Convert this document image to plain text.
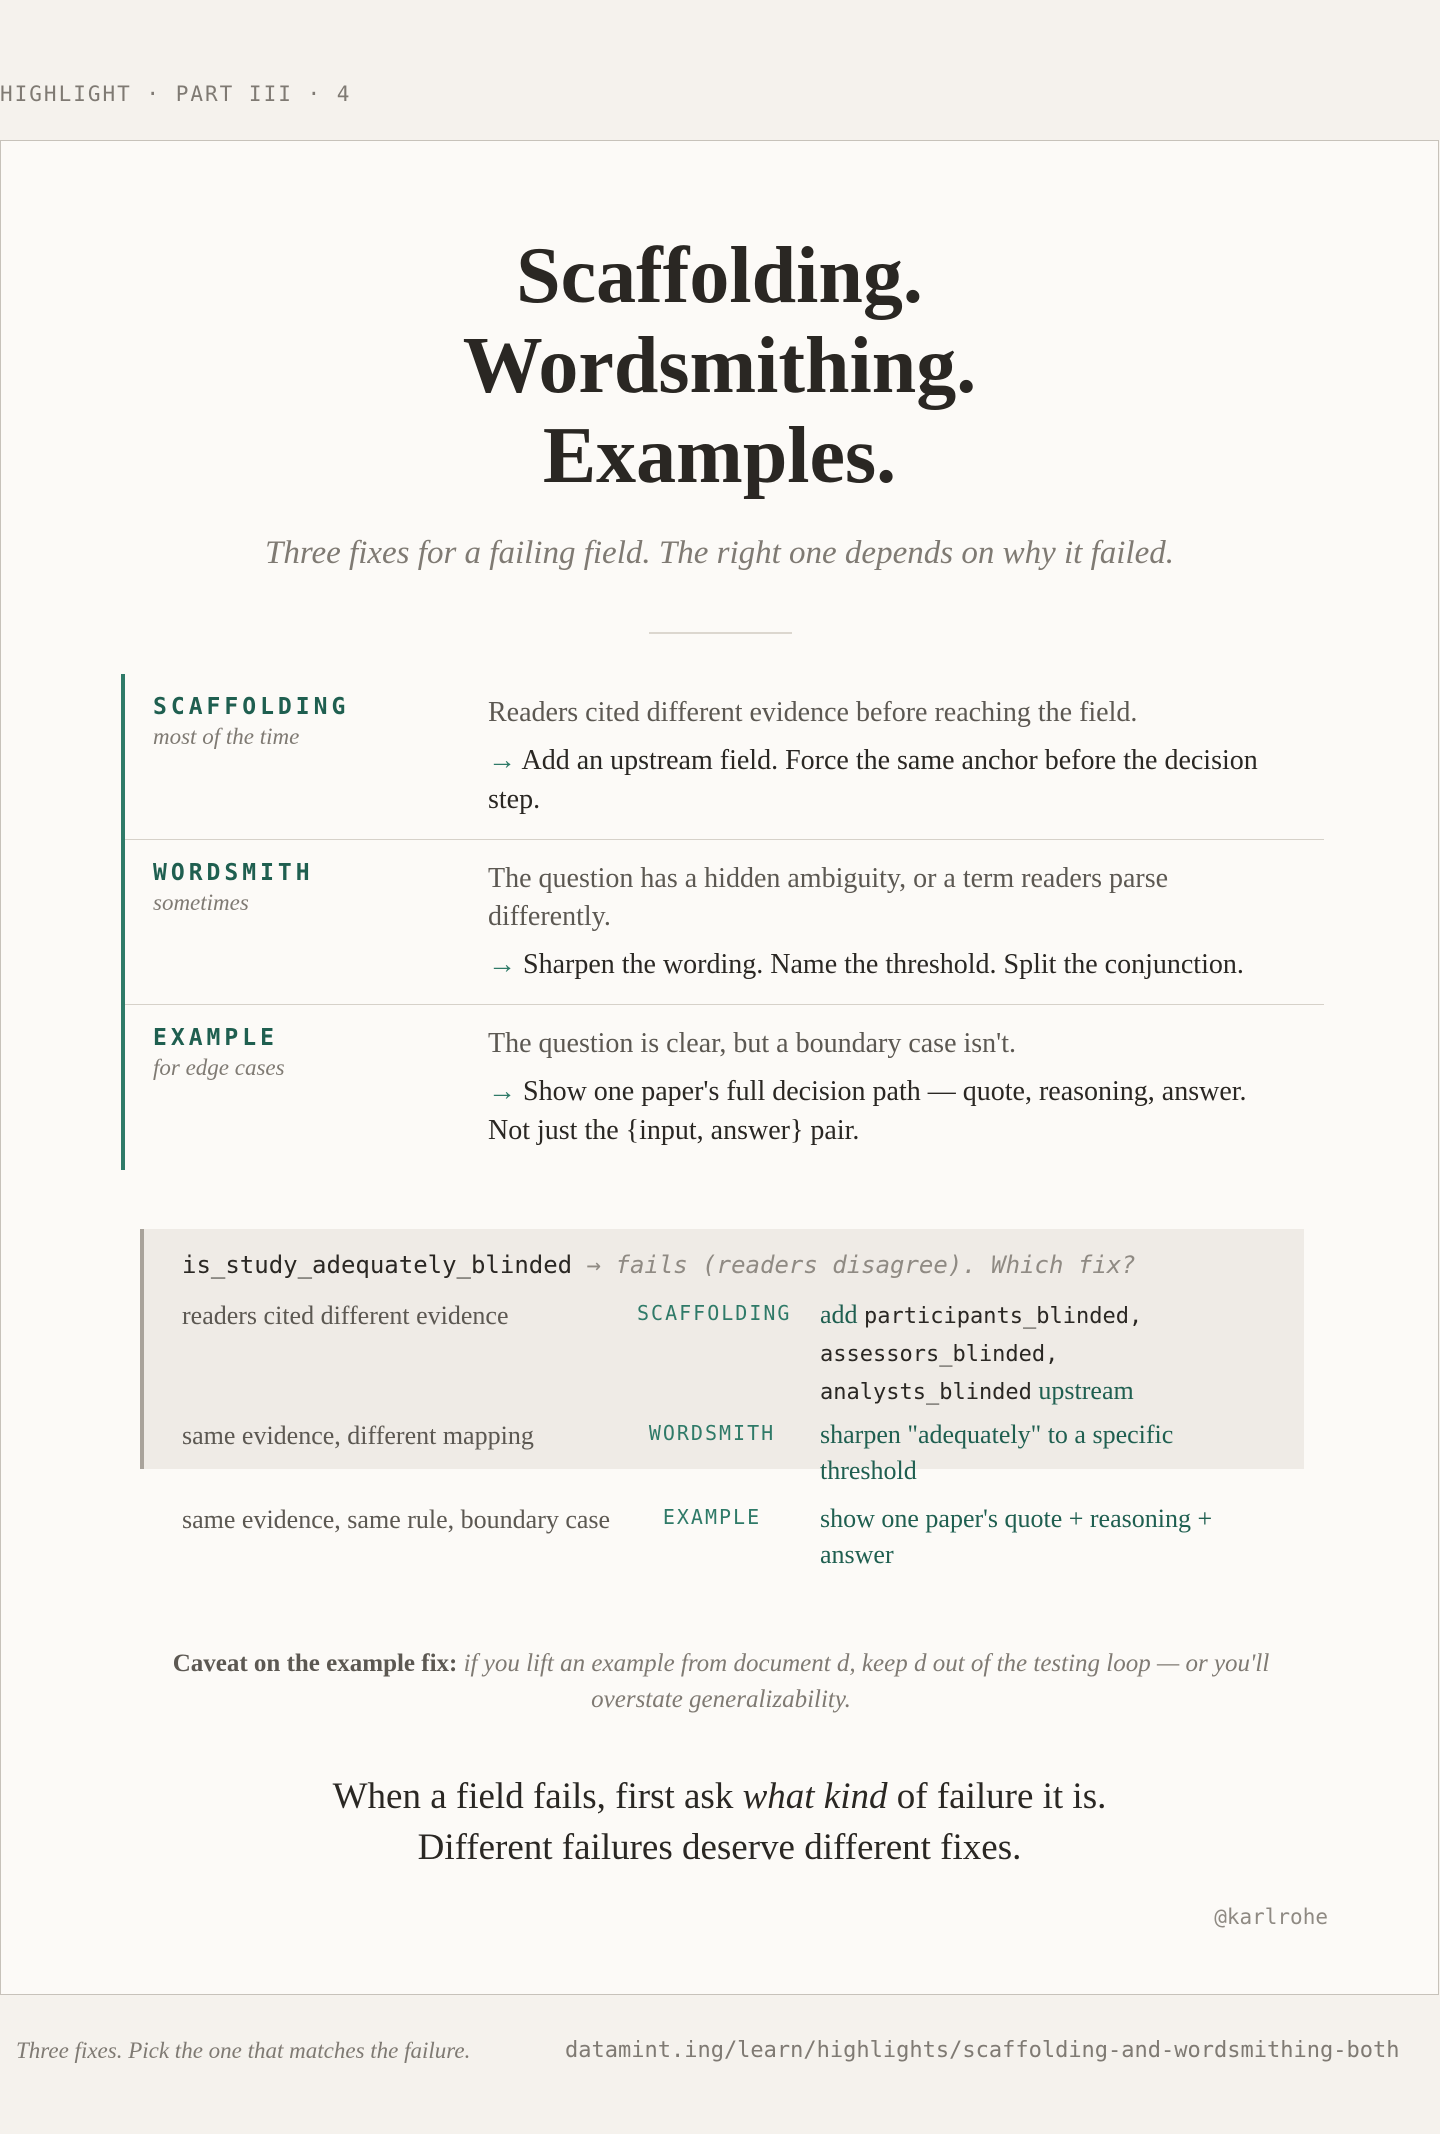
HIGHLIGHT · PART III · 4
Scaffolding.
Wordsmithing.
Examples.

Three fixes for a failing field. The right one depends on why it failed.

SCAFFOLDING
most of the time
Readers cited different evidence before reaching the field.
→ Add an upstream field. Force the same anchor before the decision step.
WORDSMITH
sometimes
The question has a hidden ambiguity, or a term readers parse differently.
→ Sharpen the wording. Name the threshold. Split the conjunction.
EXAMPLE
for edge cases
The question is clear, but a boundary case isn't.
→ Show one paper's full decision path — quote, reasoning, answer. Not just the {input, answer} pair.
is_study_adequately_blinded → fails (readers disagree). Which fix?
readers cited different evidence	SCAFFOLDING add participants_blinded,
assessors_blinded,
analysts_blinded upstream
same evidence, different mapping	WORDSMITH	sharpen "adequately" to a specific threshold
same evidence, same rule, boundary case	EXAMPLE	show one paper's quote + reasoning + answer
Caveat on the example fix: if you lift an example from document d, keep d out of the testing loop — or you'll overstate generalizability.
When a field fails, first ask what kind of failure it is.
Different failures deserve different fixes.
@karlrohe
Three fixes. Pick the one that matches the failure.	datamint.ing/learn/highlights/scaffolding-and-wordsmithing-both
